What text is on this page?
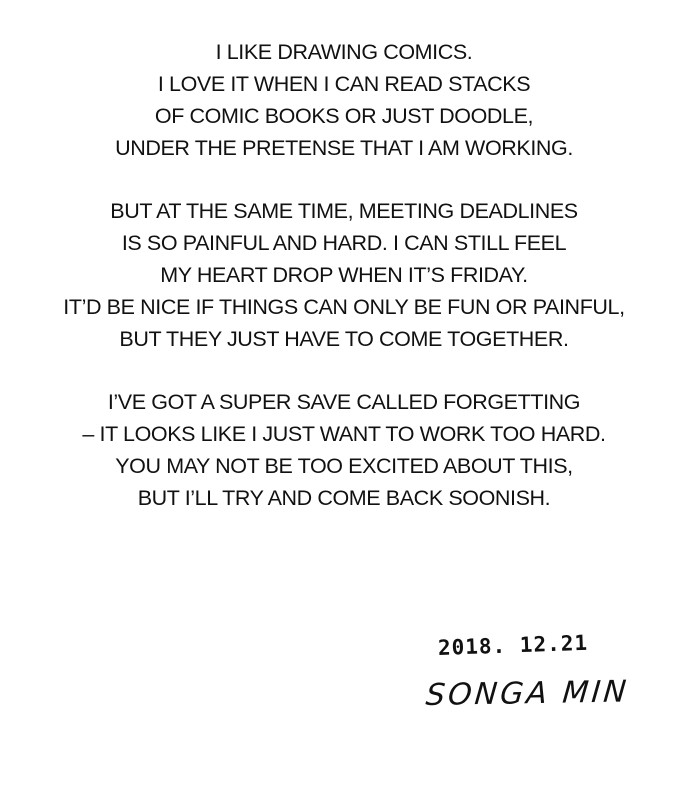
I LIKE DRAWING COMICS.
I LOVE IT WHEN I CAN READ STACKS
OF COMIC BOOKS OR JUST DOODLE,
UNDER THE PRETENSE THAT I AM WORKING.

BUT AT THE SAME TIME, MEETING DEADLINES
IS SO PAINFUL AND HARD. I CAN STILL FEEL
MY HEART DROP WHEN IT’S FRIDAY.
IT’D BE NICE IF THINGS CAN ONLY BE FUN OR PAINFUL,
BUT THEY JUST HAVE TO COME TOGETHER.

I’VE GOT A SUPER SAVE CALLED FORGETTING
– IT LOOKS LIKE I JUST WANT TO WORK TOO HARD.
YOU MAY NOT BE TOO EXCITED ABOUT THIS,
BUT I’LL TRY AND COME BACK SOONISH.

2018. 12.21
SONGA MIN
